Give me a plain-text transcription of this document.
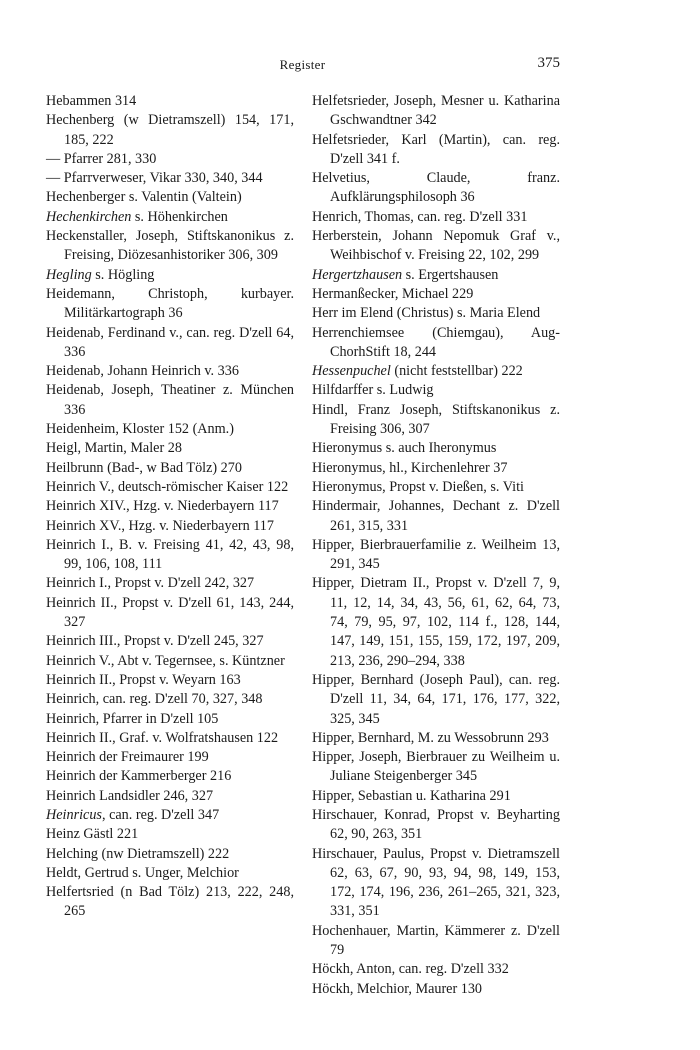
Register	375
Hebammen 314
Hechenberg (w Dietramszell) 154, 171, 185, 222
— Pfarrer 281, 330
— Pfarrverweser, Vikar 330, 340, 344
Hechenberger s. Valentin (Valtein)
Hechenkirchen s. Höhenkirchen
Heckenstaller, Joseph, Stiftskanonikus z. Freising, Diözesanhistoriker 306, 309
Hegling s. Högling
Heidemann, Christoph, kurbayer. Militärkartograph 36
Heidenab, Ferdinand v., can. reg. D'zell 64, 336
Heidenab, Johann Heinrich v. 336
Heidenab, Joseph, Theatiner z. München 336
Heidenheim, Kloster 152 (Anm.)
Heigl, Martin, Maler 28
Heilbrunn (Bad-, w Bad Tölz) 270
Heinrich V., deutsch-römischer Kaiser 122
Heinrich XIV., Hzg. v. Niederbayern 117
Heinrich XV., Hzg. v. Niederbayern 117
Heinrich I., B. v. Freising 41, 42, 43, 98, 99, 106, 108, 111
Heinrich I., Propst v. D'zell 242, 327
Heinrich II., Propst v. D'zell 61, 143, 244, 327
Heinrich III., Propst v. D'zell 245, 327
Heinrich V., Abt v. Tegernsee, s. Küntzner
Heinrich II., Propst v. Weyarn 163
Heinrich, can. reg. D'zell 70, 327, 348
Heinrich, Pfarrer in D'zell 105
Heinrich II., Graf. v. Wolfratshausen 122
Heinrich der Freimaurer 199
Heinrich der Kammerberger 216
Heinrich Landsidler 246, 327
Heinricus, can. reg. D'zell 347
Heinz Gästl 221
Helching (nw Dietramszell) 222
Heldt, Gertrud s. Unger, Melchior
Helfertsried (n Bad Tölz) 213, 222, 248, 265
Helfetsrieder, Joseph, Mesner u. Katharina Gschwandtner 342
Helfetsrieder, Karl (Martin), can. reg. D'zell 341 f.
Helvetius, Claude, franz. Aufklärungsphilosoph 36
Henrich, Thomas, can. reg. D'zell 331
Herberstein, Johann Nepomuk Graf v., Weihbischof v. Freising 22, 102, 299
Hergertzhausen s. Ergertshausen
Hermanßecker, Michael 229
Herr im Elend (Christus) s. Maria Elend
Herrenchiemsee (Chiemgau), Aug-ChorhStift 18, 244
Hessenpuchel (nicht feststellbar) 222
Hilfdarffer s. Ludwig
Hindl, Franz Joseph, Stiftskanonikus z. Freising 306, 307
Hieronymus s. auch Iheronymus
Hieronymus, hl., Kirchenlehrer 37
Hieronymus, Propst v. Dießen, s. Viti
Hindermair, Johannes, Dechant z. D'zell 261, 315, 331
Hipper, Bierbrauerfamilie z. Weilheim 13, 291, 345
Hipper, Dietram II., Propst v. D'zell 7, 9, 11, 12, 14, 34, 43, 56, 61, 62, 64, 73, 74, 79, 95, 97, 102, 114 f., 128, 144, 147, 149, 151, 155, 159, 172, 197, 209, 213, 236, 290–294, 338
Hipper, Bernhard (Joseph Paul), can. reg. D'zell 11, 34, 64, 171, 176, 177, 322, 325, 345
Hipper, Bernhard, M. zu Wessobrunn 293
Hipper, Joseph, Bierbrauer zu Weilheim u. Juliane Steigenberger 345
Hipper, Sebastian u. Katharina 291
Hirschauer, Konrad, Propst v. Beyharting 62, 90, 263, 351
Hirschauer, Paulus, Propst v. Dietramszell 62, 63, 67, 90, 93, 94, 98, 149, 153, 172, 174, 196, 236, 261–265, 321, 323, 331, 351
Hochenhauer, Martin, Kämmerer z. D'zell 79
Höckh, Anton, can. reg. D'zell 332
Höckh, Melchior, Maurer 130
